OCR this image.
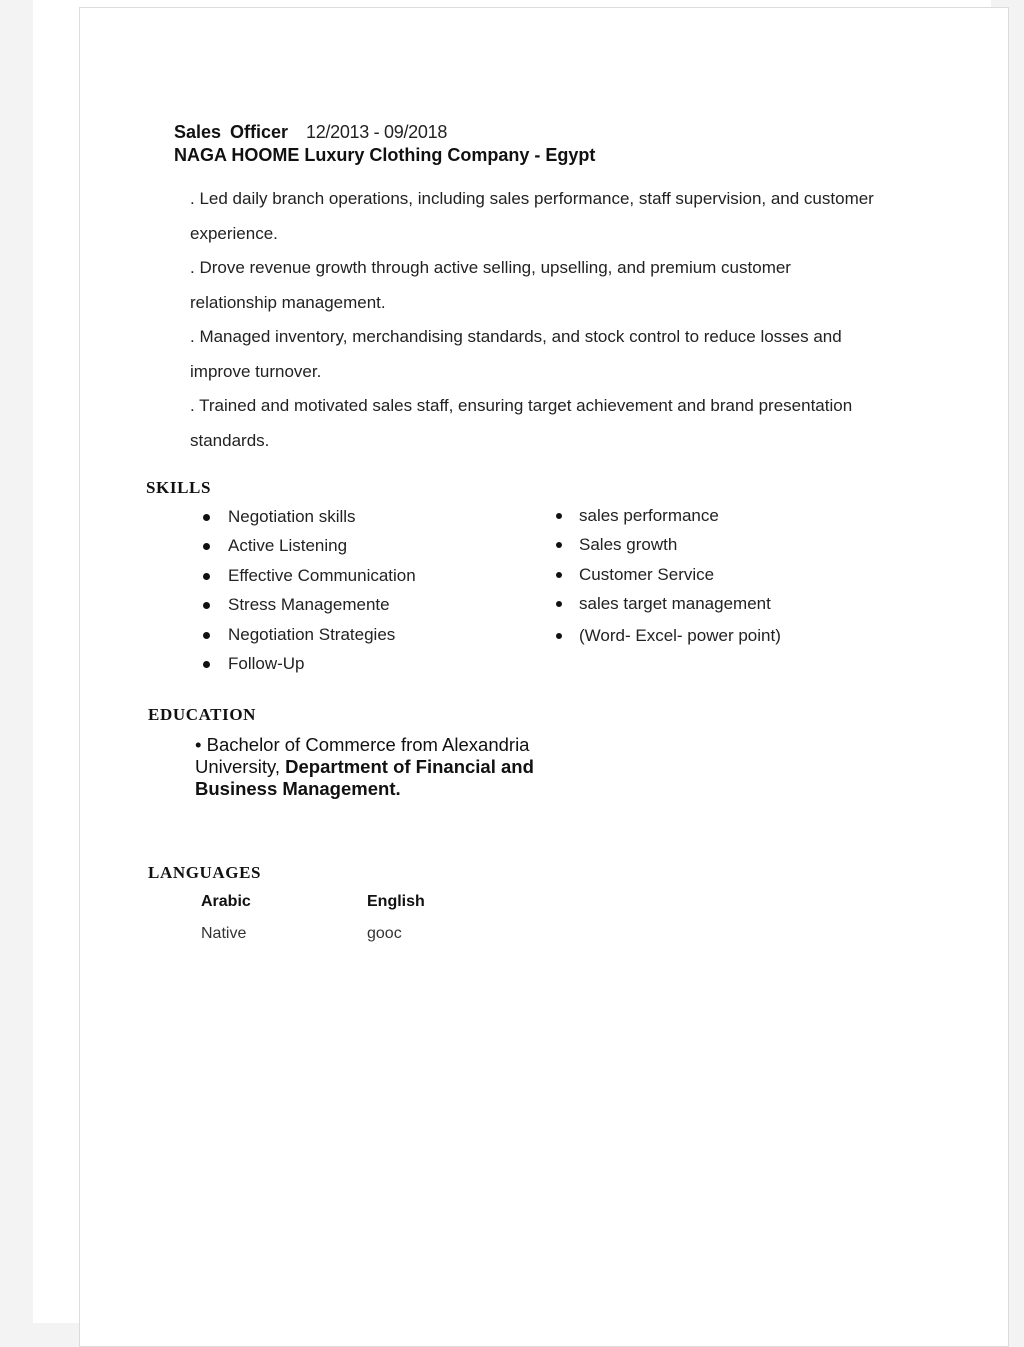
Sales Officer 12/2013 - 09/2018
NAGA HOOME Luxury Clothing Company - Egypt

. Led daily branch operations, including sales performance, staff supervision, and customer experience.

. Drove revenue growth through active selling, upselling, and premium customer relationship management.

. Managed inventory, merchandising standards, and stock control to reduce losses and improve turnover.

. Trained and motivated sales staff, ensuring target achievement and brand presentation standards.

SKILLS
Negotiation skills
Active Listening
Effective Communication
Stress Managemente
Negotiation Strategies
Follow-Up
sales performance
Sales growth
Customer Service
sales target management
(Word- Excel- power point)
EDUCATION
• Bachelor of Commerce from Alexandria University, Department of Financial and Business Management.
LANGUAGES
Arabic	English
Native	gooc
